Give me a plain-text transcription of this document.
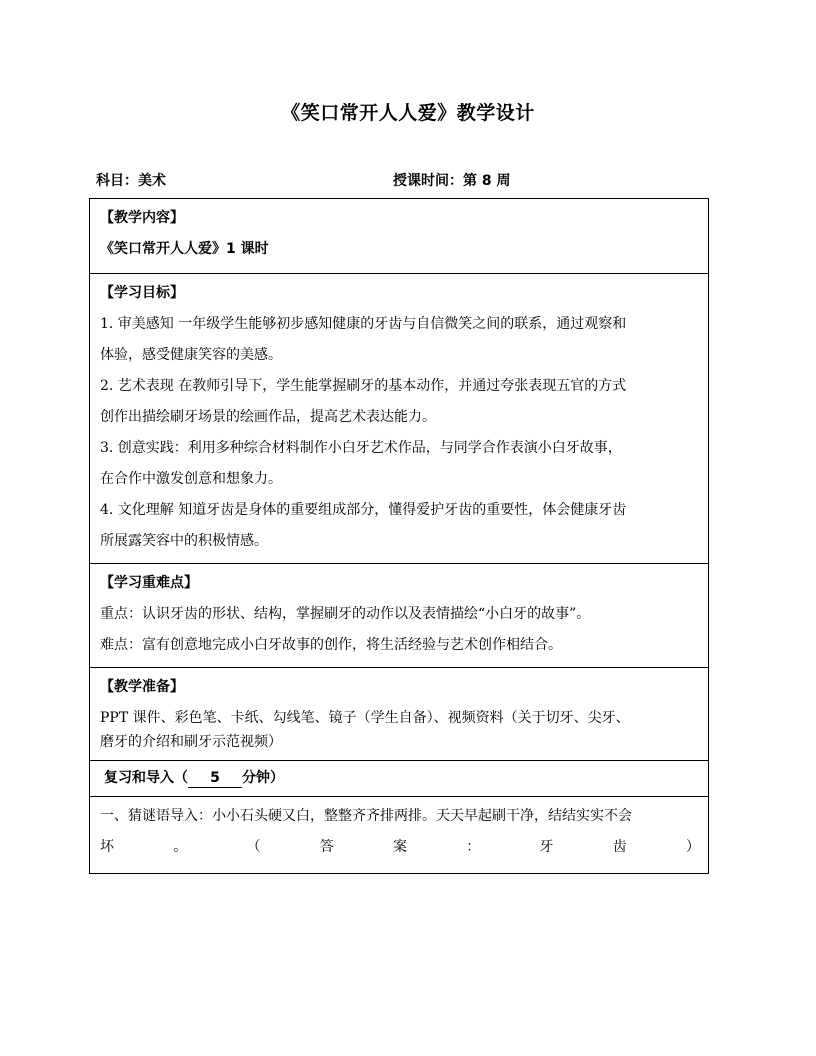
《笑口常开人人爱》教学设计
科目：美术	授课时间：第 8 周
【教学内容】
《笑口常开人人爱》1 课时

【学习目标】
1. 审美感知 一年级学生能够初步感知健康的牙齿与自信微笑之间的联系，通过观察和
体验，感受健康笑容的美感。
2. 艺术表现 在教师引导下，学生能掌握刷牙的基本动作，并通过夸张表现五官的方式
创作出描绘刷牙场景的绘画作品，提高艺术表达能力。
3. 创意实践：利用多种综合材料制作小白牙艺术作品，与同学合作表演小白牙故事，
在合作中激发创意和想象力。
4. 文化理解 知道牙齿是身体的重要组成部分，懂得爱护牙齿的重要性，体会健康牙齿
所展露笑容中的积极情感。

【学习重难点】
重点：认识牙齿的形状、结构，掌握刷牙的动作以及表情描绘“小白牙的故事”。
难点：富有创意地完成小白牙故事的创作，将生活经验与艺术创作相结合。

【教学准备】
PPT 课件、彩色笔、卡纸、勾线笔、镜子（学生自备）、视频资料（关于切牙、尖牙、
磨牙的介绍和刷牙示范视频）

复习和导入（ 5 分钟）

一、猜谜语导入：小小石头硬又白，整整齐齐排两排。天天早起刷干净，结结实实不会
坏	。	（	答	案	：	牙	齿	）
